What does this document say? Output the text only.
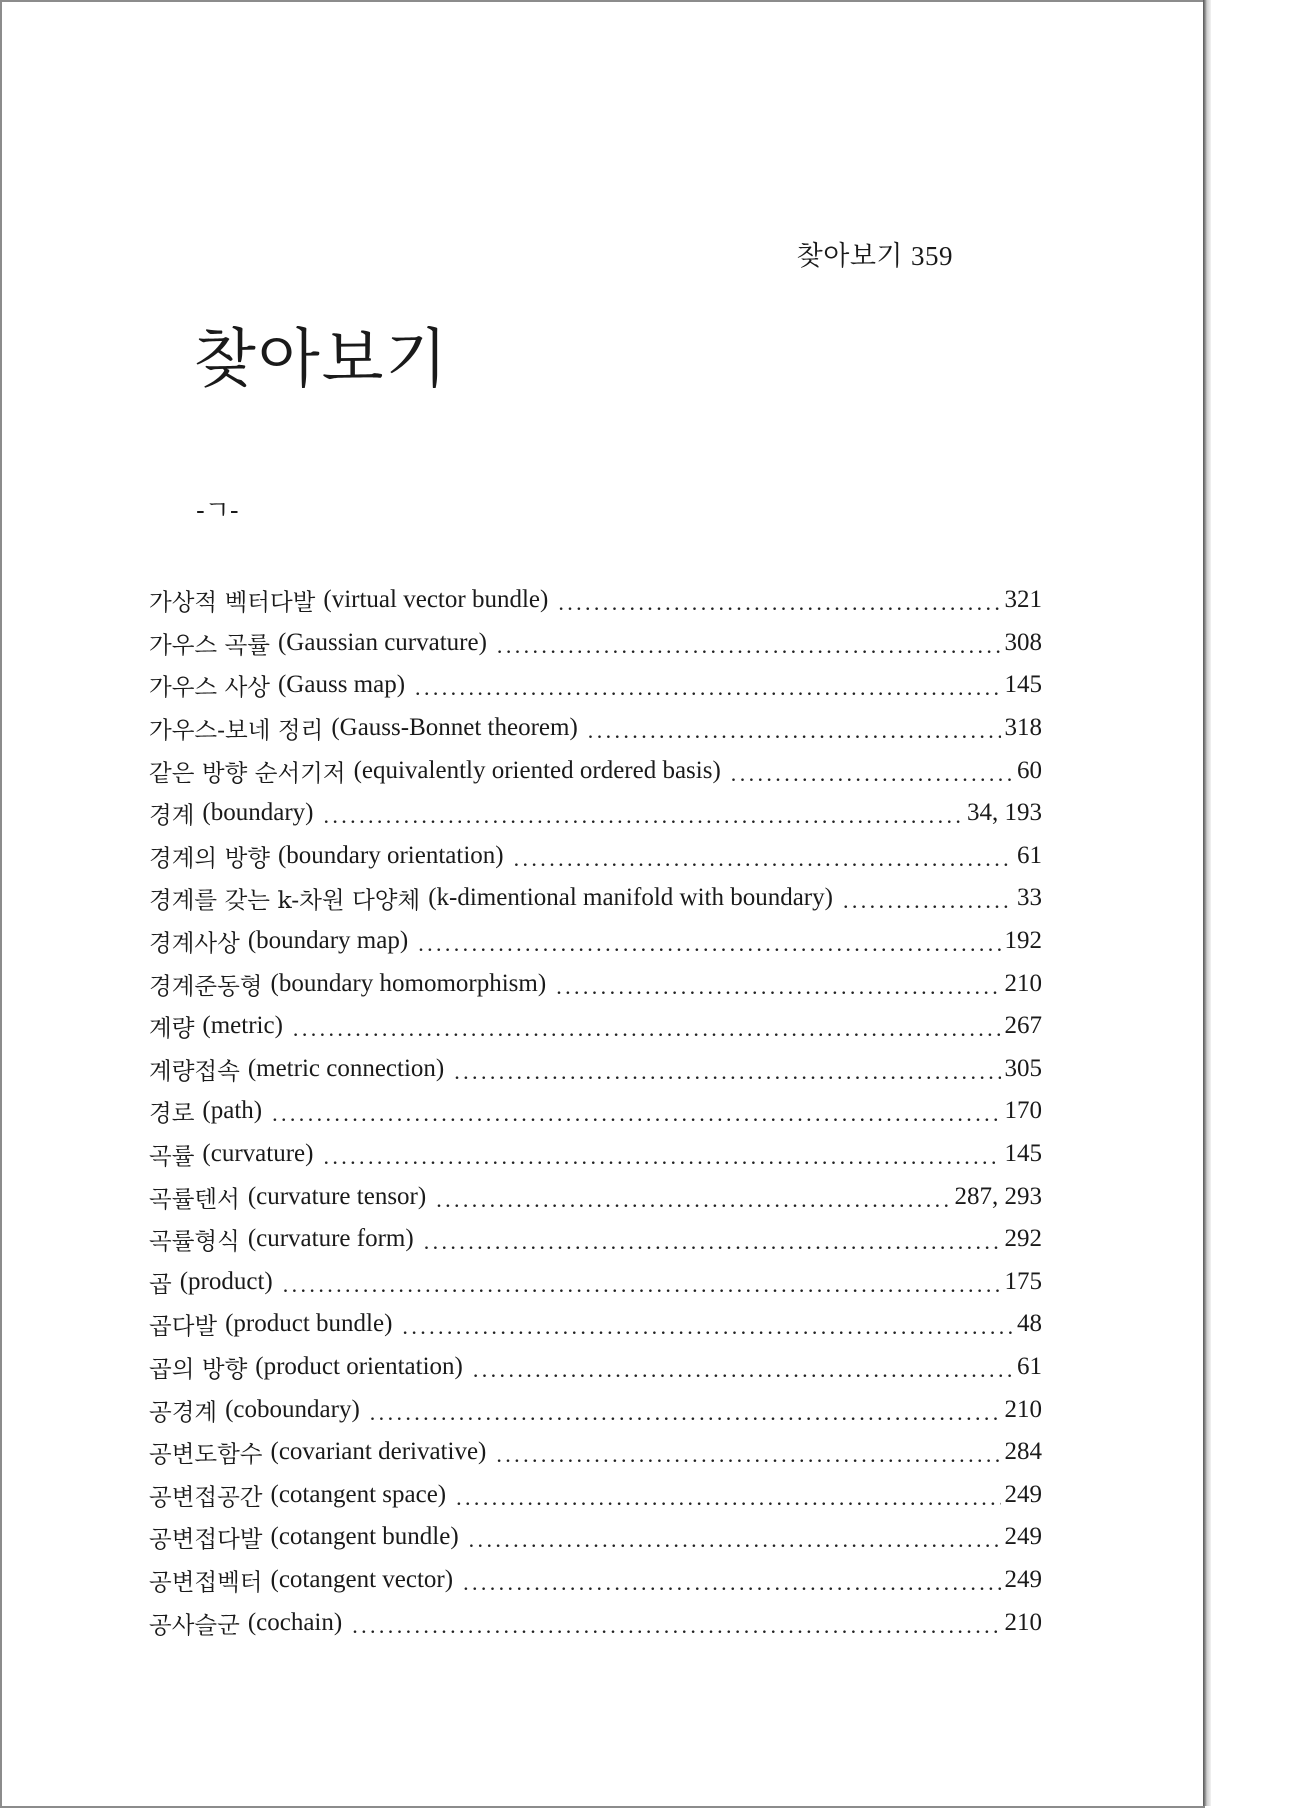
찾아보기 359
찾아보기
-ㄱ-
가상적 벡터다발 (virtual vector bundle) .....	321
가우스 곡률 (Gaussian curvature) .....	308
가우스 사상 (Gauss map) .....	145
가우스-보네 정리 (Gauss-Bonnet theorem) .....	318
같은 방향 순서기저 (equivalently oriented ordered basis) .....	60
경계 (boundary) .....	34, 193
경계의 방향 (boundary orientation) .....	61
경계를 갖는 k-차원 다양체 (k-dimentional manifold with boundary) .....	33
경계사상 (boundary map) .....	192
경계준동형 (boundary homomorphism) .....	210
계량 (metric) .....	267
계량접속 (metric connection) .....	305
경로 (path) .....	170
곡률 (curvature) .....	145
곡률텐서 (curvature tensor) .....	287, 293
곡률형식 (curvature form) .....	292
곱 (product) .....	175
곱다발 (product bundle) .....	48
곱의 방향 (product orientation) .....	61
공경계 (coboundary) .....	210
공변도함수 (covariant derivative) .....	284
공변접공간 (cotangent space) .....	249
공변접다발 (cotangent bundle) .....	249
공변접벡터 (cotangent vector) .....	249
공사슬군 (cochain) .....	210
